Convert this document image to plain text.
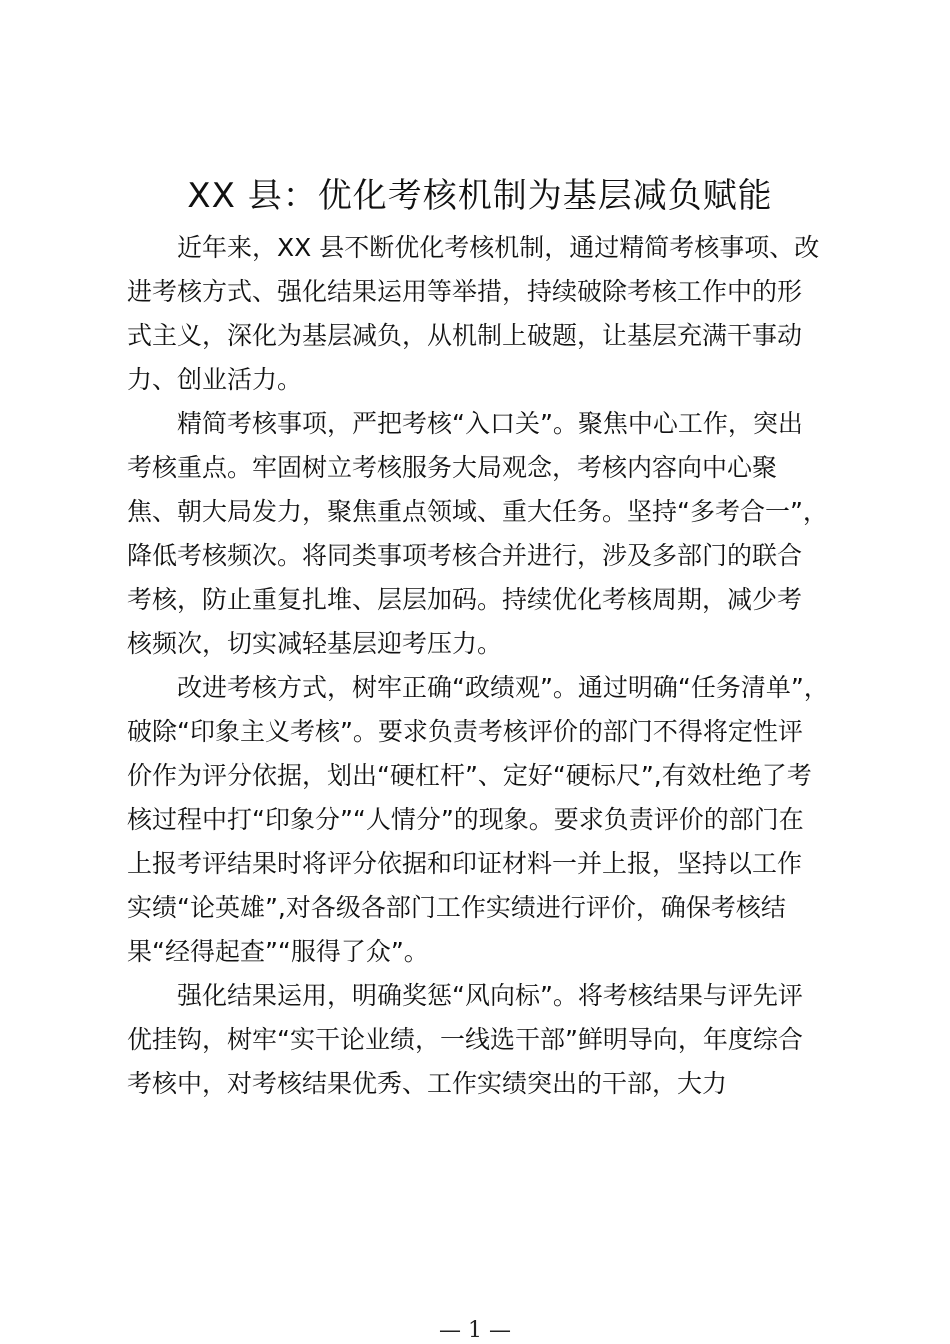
XX 县：优化考核机制为基层减负赋能
近年来，XX 县不断优化考核机制，通过精简考核事项、改
进考核方式、强化结果运用等举措，持续破除考核工作中的形
式主义，深化为基层减负，从机制上破题，让基层充满干事动
力、创业活力。
精简考核事项，严把考核“入口关”。聚焦中心工作，突出
考核重点。牢固树立考核服务大局观念，考核内容向中心聚
焦、朝大局发力，聚焦重点领域、重大任务。坚持“多考合一”，
降低考核频次。将同类事项考核合并进行，涉及多部门的联合
考核，防止重复扎堆、层层加码。持续优化考核周期，减少考
核频次，切实减轻基层迎考压力。
改进考核方式，树牢正确“政绩观”。通过明确“任务清单”，
破除“印象主义考核”。要求负责考核评价的部门不得将定性评
价作为评分依据，划出“硬杠杆”、定好“硬标尺”,有效杜绝了考
核过程中打“印象分”“人情分”的现象。要求负责评价的部门在
上报考评结果时将评分依据和印证材料一并上报，坚持以工作
实绩“论英雄”,对各级各部门工作实绩进行评价，确保考核结
果“经得起查”“服得了众”。
强化结果运用，明确奖惩“风向标”。将考核结果与评先评
优挂钩，树牢“实干论业绩，一线选干部”鲜明导向，年度综合
考核中，对考核结果优秀、工作实绩突出的干部，大力
— 1 —
